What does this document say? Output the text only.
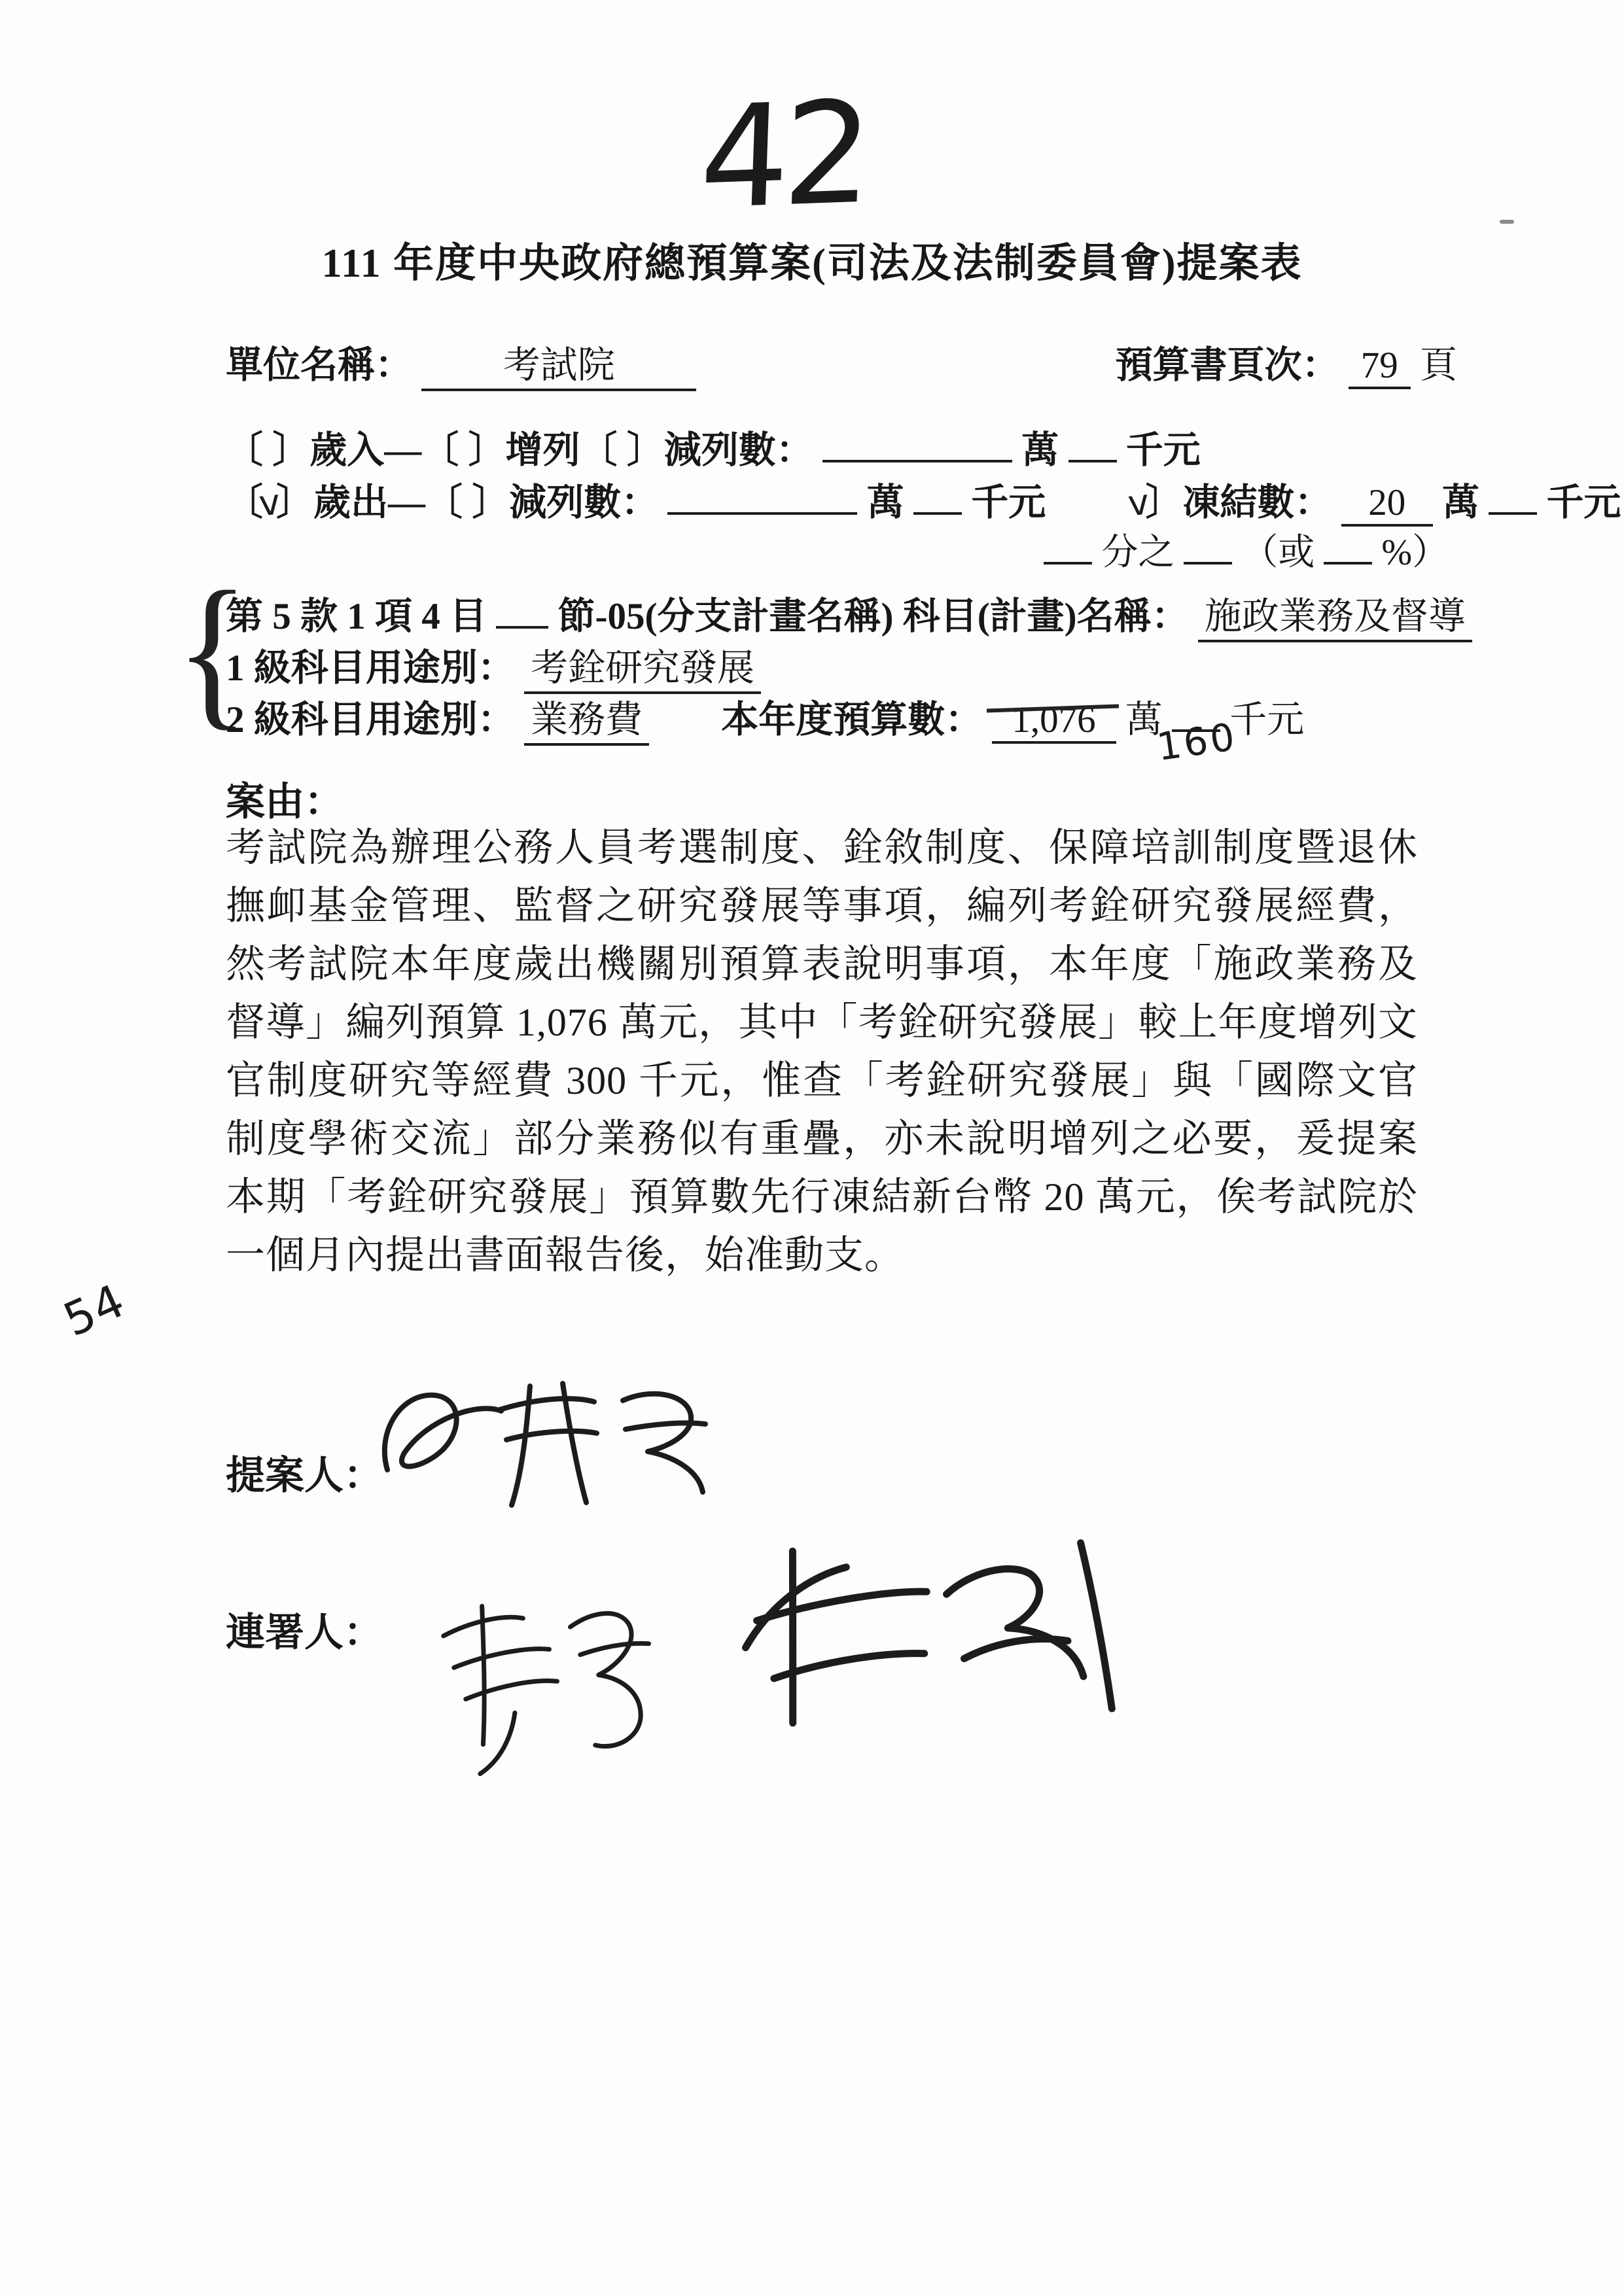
42
111 年度中央政府總預算案(司法及法制委員會)提案表
單位名稱： 考試院	預算書頁次： 79 頁
〔 〕歲入—〔 〕增列〔 〕減列數：	萬 千元
〔v〕歲出—〔 〕減列數：	萬 千元 v〕凍結數： 20 萬 千元
分之 （或 %）
{
第 5 款 1 項 4 目 節-05(分支計畫名稱) 科目(計畫)名稱： 施政業務及督導
1 級科目用途別： 考銓研究發展
2 級科目用途別： 業務費 本年度預算數： 1,076 萬 千元
160
案由：
考試院為辦理公務人員考選制度、銓敘制度、保障培訓制度暨退休撫卹基金管理、監督之研究發展等事項，編列考銓研究發展經費，然考試院本年度歲出機關別預算表說明事項，本年度「施政業務及督導」編列預算 1,076 萬元，其中「考銓研究發展」較上年度增列文官制度研究等經費 300 千元，惟查「考銓研究發展」與「國際文官制度學術交流」部分業務似有重疊，亦未說明增列之必要，爰提案本期「考銓研究發展」預算數先行凍結新台幣 20 萬元，俟考試院於一個月內提出書面報告後，始准動支。
54
提案人：
連署人：
